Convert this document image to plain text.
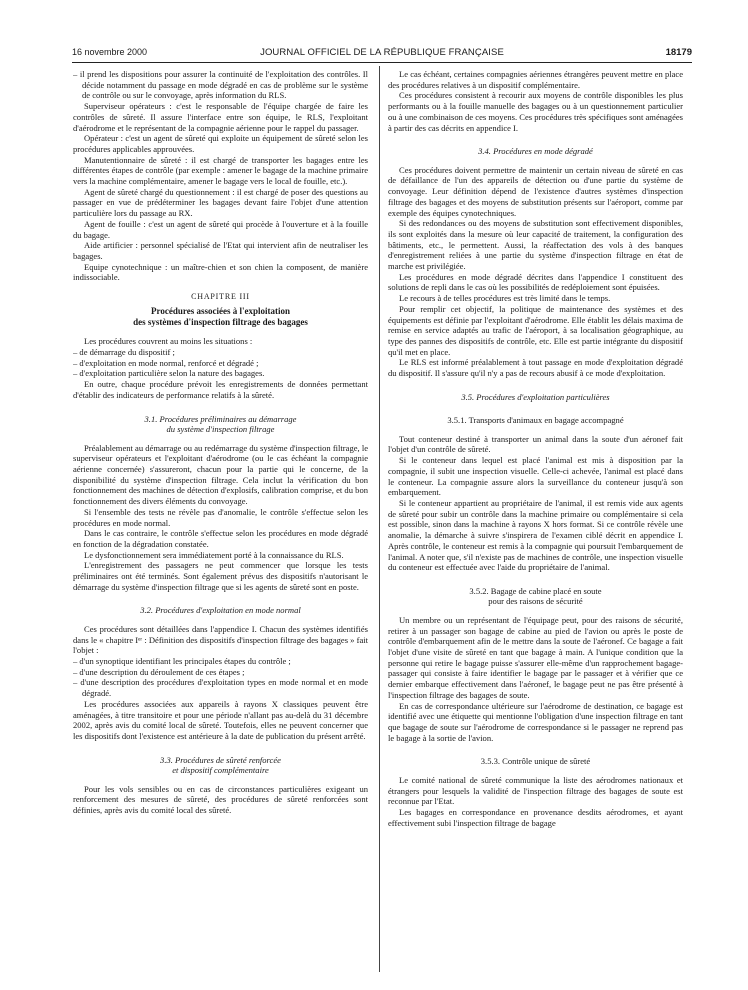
16 novembre 2000	JOURNAL OFFICIEL DE LA RÉPUBLIQUE FRANÇAISE	18179

– il prend les dispositions pour assurer la continuité de l'exploitation des contrôles. Il décide notamment du passage en mode dégradé en cas de problème sur le système de contrôle ou sur le convoyage, après information du RLS.

Superviseur opérateurs : c'est le responsable de l'équipe chargée de faire les contrôles de sûreté. Il assure l'interface entre son équipe, le RLS, l'exploitant d'aérodrome et le représentant de la compagnie aérienne pour le rappel du passager.

Opérateur : c'est un agent de sûreté qui exploite un équipement de sûreté selon les procédures applicables approuvées.

Manutentionnaire de sûreté : il est chargé de transporter les bagages entre les différentes étapes de contrôle (par exemple : amener le bagage de la machine primaire vers la machine complémentaire, amener le bagage vers le local de fouille, etc.).

Agent de sûreté chargé du questionnement : il est chargé de poser des questions au passager en vue de prédéterminer les bagages devant faire l'objet d'une attention particulière lors du passage au RX.

Agent de fouille : c'est un agent de sûreté qui procède à l'ouverture et à la fouille du bagage.

Aide artificier : personnel spécialisé de l'Etat qui intervient afin de neutraliser les bagages.

Equipe cynotechnique : un maître-chien et son chien la composent, de manière indissociable.

CHAPITRE III

Procédures associées à l'exploitation
des systèmes d'inspection filtrage des bagages

Les procédures couvrent au moins les situations :

– de démarrage du dispositif ;

– d'exploitation en mode normal, renforcé et dégradé ;

– d'exploitation particulière selon la nature des bagages.

En outre, chaque procédure prévoit les enregistrements de données permettant d'établir des indicateurs de performance relatifs à la sûreté.

3.1. Procédures préliminaires au démarrage
du système d'inspection filtrage

Préalablement au démarrage ou au redémarrage du système d'inspection filtrage, le superviseur opérateurs et l'exploitant d'aérodrome (ou le cas échéant la compagnie aérienne concernée) s'assureront, chacun pour la partie qui le concerne, de la disponibilité du système d'inspection filtrage. Cela inclut la vérification du bon fonctionnement des machines de détection d'explosifs, calibration comprise, et du bon fonctionnement des divers éléments du convoyage.

Si l'ensemble des tests ne révèle pas d'anomalie, le contrôle s'effectue selon les procédures en mode normal.

Dans le cas contraire, le contrôle s'effectue selon les procédures en mode dégradé en fonction de la dégradation constatée.

Le dysfonctionnement sera immédiatement porté à la connaissance du RLS.

L'enregistrement des passagers ne peut commencer que lorsque les tests préliminaires ont été terminés. Sont également prévus des dispositifs n'autorisant le démarrage du système d'inspection filtrage que si les agents de sûreté sont en poste.

3.2. Procédures d'exploitation en mode normal

Ces procédures sont détaillées dans l'appendice I. Chacun des systèmes identifiés dans le « chapitre Iᵉʳ : Définition des dispositifs d'inspection filtrage des bagages » fait l'objet :

– d'un synoptique identifiant les principales étapes du contrôle ;

– d'une description du déroulement de ces étapes ;

– d'une description des procédures d'exploitation types en mode normal et en mode dégradé.

Les procédures associées aux appareils à rayons X classiques peuvent être aménagées, à titre transitoire et pour une période n'allant pas au-delà du 31 décembre 2002, après avis du comité local de sûreté. Toutefois, elles ne peuvent concerner que les dispositifs dont l'existence est antérieure à la date de publication du présent arrêté.

3.3. Procédures de sûreté renforcée
et dispositif complémentaire

Pour les vols sensibles ou en cas de circonstances particulières exigeant un renforcement des mesures de sûreté, des procédures de sûreté renforcées sont définies, après avis du comité local des sûreté.

Le cas échéant, certaines compagnies aériennes étrangères peuvent mettre en place des procédures relatives à un dispositif complémentaire.

Ces procédures consistent à recourir aux moyens de contrôle disponibles les plus performants ou à la fouille manuelle des bagages ou à un questionnement particulier ou à une combinaison de ces moyens. Ces procédures très spécifiques sont aménagées à partir des cas décrits en appendice I.

3.4. Procédures en mode dégradé

Ces procédures doivent permettre de maintenir un certain niveau de sûreté en cas de défaillance de l'un des appareils de détection ou d'une partie du système de convoyage. Leur définition dépend de l'existence d'autres systèmes d'inspection filtrage des bagages et des moyens de substitution présents sur l'aéroport, comme par exemple des équipes cynotechniques.

Si des redondances ou des moyens de substitution sont effectivement disponibles, ils sont exploités dans la mesure où leur capacité de traitement, la configuration des bâtiments, etc., le permettent. Aussi, la réaffectation des vols à des banques d'enregistrement reliées à une partie du système d'inspection filtrage en état de marche est privilégiée.

Les procédures en mode dégradé décrites dans l'appendice I constituent des solutions de repli dans le cas où les possibilités de redéploiement sont épuisées.

Le recours à de telles procédures est très limité dans le temps.

Pour remplir cet objectif, la politique de maintenance des systèmes et des équipements est définie par l'exploitant d'aérodrome. Elle établit les délais maxima de remise en service adaptés au trafic de l'aéroport, à sa localisation géographique, au type des pannes des dispositifs de contrôle, etc. Elle est partie intégrante du dispositif qu'il met en place.

Le RLS est informé préalablement à tout passage en mode d'exploitation dégradé du dispositif. Il s'assure qu'il n'y a pas de recours abusif à ce mode d'exploitation.

3.5. Procédures d'exploitation particulières

3.5.1. Transports d'animaux en bagage accompagné

Tout conteneur destiné à transporter un animal dans la soute d'un aéronef fait l'objet d'un contrôle de sûreté.

Si le conteneur dans lequel est placé l'animal est mis à disposition par la compagnie, il subit une inspection visuelle. Celle-ci achevée, l'animal est placé dans le conteneur. La compagnie assure alors la surveillance du conteneur jusqu'à son embarquement.

Si le conteneur appartient au propriétaire de l'animal, il est remis vide aux agents de sûreté pour subir un contrôle dans la machine primaire ou complémentaire si cela est possible, sinon dans la machine à rayons X hors format. Si ce contrôle révèle une anomalie, la démarche à suivre s'inspirera de l'examen ciblé décrit en appendice I. Après contrôle, le conteneur est remis à la compagnie qui poursuit l'embarquement de l'animal. A noter que, s'il n'existe pas de machines de contrôle, une inspection visuelle du conteneur est effectuée avec l'aide du propriétaire de l'animal.

3.5.2. Bagage de cabine placé en soute
pour des raisons de sécurité

Un membre ou un représentant de l'équipage peut, pour des raisons de sécurité, retirer à un passager son bagage de cabine au pied de l'avion ou après le poste de contrôle d'embarquement afin de le mettre dans la soute de l'aéronef. Ce bagage a fait l'objet d'une visite de sûreté en tant que bagage à main. A l'unique condition que la personne qui retire le bagage puisse s'assurer elle-même d'un rapprochement bagage-passager qui consiste à faire identifier le bagage par le passager et à vérifier que ce dernier embarque effectivement dans l'aéronef, le bagage peut ne pas être présenté à l'inspection filtrage des bagages de soute.

En cas de correspondance ultérieure sur l'aérodrome de destination, ce bagage est identifié avec une étiquette qui mentionne l'obligation d'une inspection filtrage en tant que bagage de soute sur l'aérodrome de correspondance si le passager ne reprend pas le bagage à la sortie de l'avion.

3.5.3. Contrôle unique de sûreté

Le comité national de sûreté communique la liste des aérodromes nationaux et étrangers pour lesquels la validité de l'inspection filtrage des bagages de soute est reconnue par l'Etat.

Les bagages en correspondance en provenance desdits aérodromes, et ayant effectivement subi l'inspection filtrage de bagage
